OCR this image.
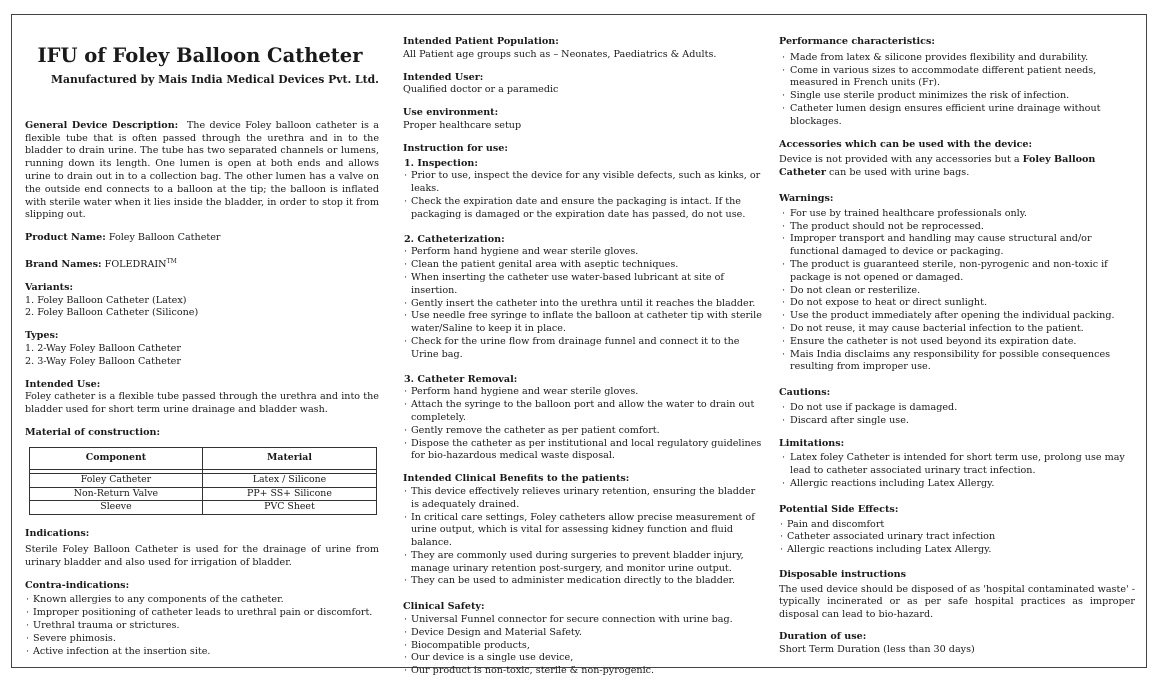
IFU of Foley Balloon Catheter
Manufactured by Mais India Medical Devices Pvt. Ltd.
General Device Description: The device Foley balloon catheter is a flexible tube that is often passed through the urethra and in to the bladder to drain urine. The tube has two separated channels or lumens, running down its length. One lumen is open at both ends and allows urine to drain out in to a collection bag. The other lumen has a valve on the outside end connects to a balloon at the tip; the balloon is inflated with sterile water when it lies inside the bladder, in order to stop it from slipping out.
Product Name: Foley Balloon Catheter
Brand Names: FOLEDRAIN™
Variants:
1. Foley Balloon Catheter (Latex)
2. Foley Balloon Catheter (Silicone)
Types:
1. 2-Way Foley Balloon Catheter
2. 3-Way Foley Balloon Catheter
Intended Use:
Foley catheter is a flexible tube passed through the urethra and into the bladder used for short term urine drainage and bladder wash.
Material of construction:
Component	Material

Foley Catheter	Latex / Silicone
Non-Return Valve	PP+ SS+ Silicone
Sleeve	PVC Sheet
Indications:
Sterile Foley Balloon Catheter is used for the drainage of urine from urinary bladder and also used for irrigation of bladder.
Contra-indications:
· Known allergies to any components of the catheter.
· Improper positioning of catheter leads to urethral pain or discomfort.
· Urethral trauma or strictures.
· Severe phimosis.
· Active infection at the insertion site.
Intended Patient Population:
All Patient age groups such as – Neonates, Paediatrics & Adults.
Intended User:
Qualified doctor or a paramedic
Use environment:
Proper healthcare setup
Instruction for use:
1. Inspection:
· Prior to use, inspect the device for any visible defects, such as kinks, or leaks.
· Check the expiration date and ensure the packaging is intact. If the packaging is damaged or the expiration date has passed, do not use.
2. Catheterization:
· Perform hand hygiene and wear sterile gloves.
· Clean the patient genital area with aseptic techniques.
· When inserting the catheter use water-based lubricant at site of insertion.
· Gently insert the catheter into the urethra until it reaches the bladder.
· Use needle free syringe to inflate the balloon at catheter tip with sterile water/Saline to keep it in place.
· Check for the urine flow from drainage funnel and connect it to the Urine bag.
3. Catheter Removal:
· Perform hand hygiene and wear sterile gloves.
· Attach the syringe to the balloon port and allow the water to drain out completely.
· Gently remove the catheter as per patient comfort.
· Dispose the catheter as per institutional and local regulatory guidelines for bio-hazardous medical waste disposal.
Intended Clinical Benefits to the patients:
· This device effectively relieves urinary retention, ensuring the bladder is adequately drained.
· In critical care settings, Foley catheters allow precise measurement of urine output, which is vital for assessing kidney function and fluid balance.
· They are commonly used during surgeries to prevent bladder injury, manage urinary retention post-surgery, and monitor urine output.
· They can be used to administer medication directly to the bladder.
Clinical Safety:
· Universal Funnel connector for secure connection with urine bag.
· Device Design and Material Safety.
· Biocompatible products,
· Our device is a single use device,
· Our product is non-toxic, sterile & non-pyrogenic.
Performance characteristics:
· Made from latex & silicone provides flexibility and durability.
· Come in various sizes to accommodate different patient needs, measured in French units (Fr).
· Single use sterile product minimizes the risk of infection.
· Catheter lumen design ensures efficient urine drainage without blockages.
Accessories which can be used with the device:
Device is not provided with any accessories but a Foley Balloon Catheter can be used with urine bags.
Warnings:
· For use by trained healthcare professionals only.
· The product should not be reprocessed.
· Improper transport and handling may cause structural and/or functional damaged to device or packaging.
· The product is guaranteed sterile, non-pyrogenic and non-toxic if package is not opened or damaged.
· Do not clean or resterilize.
· Do not expose to heat or direct sunlight.
· Use the product immediately after opening the individual packing.
· Do not reuse, it may cause bacterial infection to the patient.
· Ensure the catheter is not used beyond its expiration date.
· Mais India disclaims any responsibility for possible consequences resulting from improper use.
Cautions:
· Do not use if package is damaged.
· Discard after single use.
Limitations:
· Latex foley Catheter is intended for short term use, prolong use may lead to catheter associated urinary tract infection.
· Allergic reactions including Latex Allergy.
Potential Side Effects:
· Pain and discomfort
· Catheter associated urinary tract infection
· Allergic reactions including Latex Allergy.
Disposable instructions
The used device should be disposed of as 'hospital contaminated waste' - typically incinerated or as per safe hospital practices as improper disposal can lead to bio-hazard.
Duration of use:
Short Term Duration (less than 30 days)
